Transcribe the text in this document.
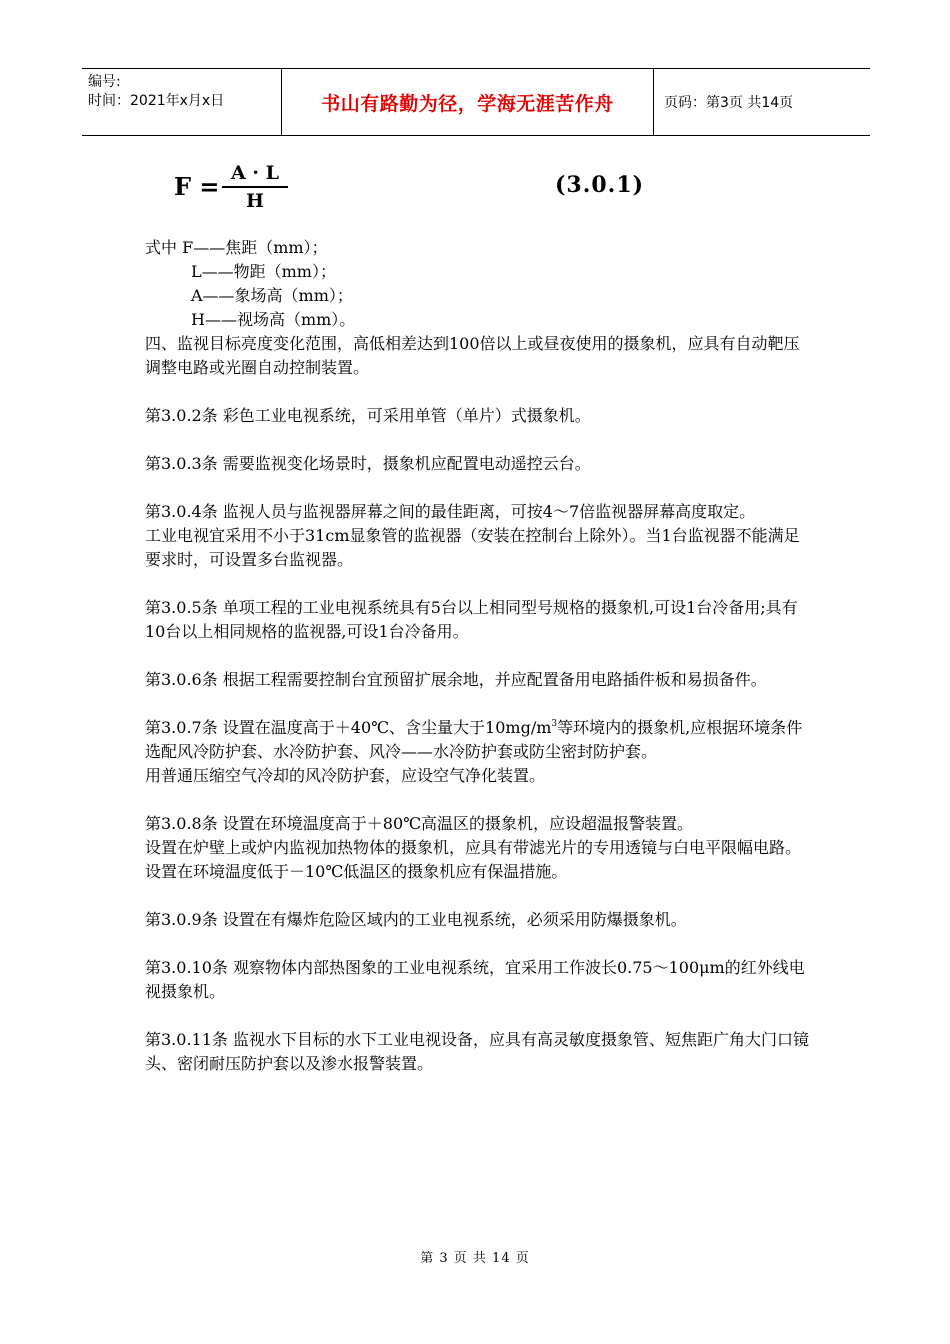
编号:
时间：2021年x月x日	书山有路勤为径，学海无涯苦作舟	页码：第3页 共14页
$F = \frac{A \cdot L}{H}$	(3.0.1)

式中 F——焦距（mm）；

L——物距（mm）；

A——象场高（mm）；

H——视场高（mm）。

四、监视目标亮度变化范围，高低相差达到100倍以上或昼夜使用的摄象机，应具有自动靶压调整电路或光圈自动控制装置。

第3.0.2条 彩色工业电视系统，可采用单管（单片）式摄象机。

第3.0.3条 需要监视变化场景时，摄象机应配置电动遥控云台。

第3.0.4条 监视人员与监视器屏幕之间的最佳距离，可按4～7倍监视器屏幕高度取定。

工业电视宜采用不小于31cm显象管的监视器（安装在控制台上除外）。当1台监视器不能满足要求时，可设置多台监视器。

第3.0.5条 单项工程的工业电视系统具有5台以上相同型号规格的摄象机,可设1台冷备用;具有10台以上相同规格的监视器,可设1台冷备用。

第3.0.6条 根据工程需要控制台宜预留扩展余地，并应配置备用电路插件板和易损备件。

第3.0.7条 设置在温度高于＋40℃、含尘量大于$10mg/m^3$等环境内的摄象机,应根据环境条件选配风冷防护套、水冷防护套、风冷——水冷防护套或防尘密封防护套。

用普通压缩空气冷却的风冷防护套，应设空气净化装置。

第3.0.8条 设置在环境温度高于＋80℃高温区的摄象机，应设超温报警装置。

设置在炉壁上或炉内监视加热物体的摄象机，应具有带滤光片的专用透镜与白电平限幅电路。

设置在环境温度低于－10℃低温区的摄象机应有保温措施。

第3.0.9条 设置在有爆炸危险区域内的工业电视系统，必须采用防爆摄象机。

第3.0.10条 观察物体内部热图象的工业电视系统，宜采用工作波长0.75～100μm的红外线电视摄象机。

第3.0.11条 监视水下目标的水下工业电视设备，应具有高灵敏度摄象管、短焦距广角大门口镜头、密闭耐压防护套以及渗水报警装置。

第 3 页 共 14 页
